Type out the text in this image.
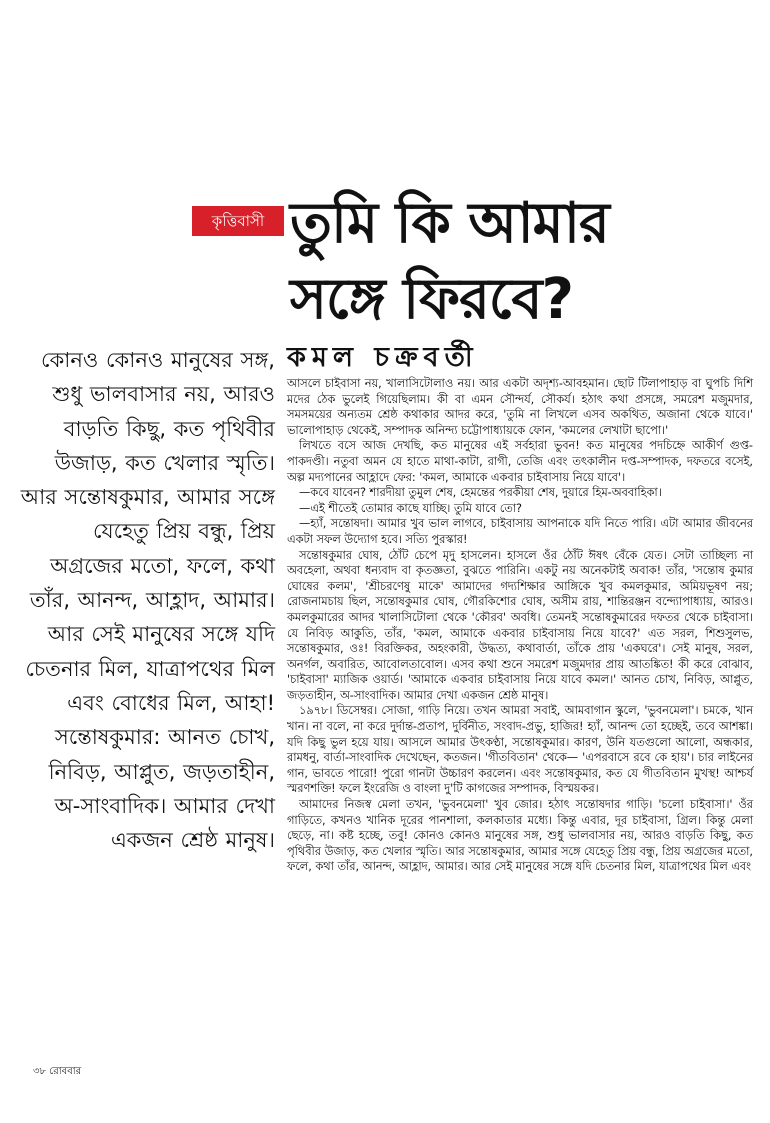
কৃত্তিবাসী তুমি কি আমার
সঙ্গে ফিরবে?
কমল চক্রবর্তী
কোনও কোনও মানুষের সঙ্গ, শুধু ভালবাসার নয়, আরও বাড়তি কিছু, কত পৃথিবীর উজাড়, কত খেলার স্মৃতি। আর সন্তোষকুমার, আমার সঙ্গে যেহেতু প্রিয় বন্ধু, প্রিয় অগ্রজের মতো, ফলে, কথা তাঁর, আনন্দ, আহ্লাদ, আমার। আর সেই মানুষের সঙ্গে যদি চেতনার মিল, যাত্রাপথের মিল এবং বোধের মিল, আহা! সন্তোষকুমার: আনত চোখ, নিবিড়, আপ্লুত, জড়তাহীন, অ-সাংবাদিক। আমার দেখা একজন শ্রেষ্ঠ মানুষ।

আসলে চাইবাসা নয়, খালাসিটোলাও নয়। আর একটা অদৃশ্য-আবহমান। ছোট টিলাপাহাড় বা ঘুপচি দিশি মদের ঠেক ভুলেই গিয়েছিলাম। কী বা এমন সৌন্দর্য, সৌকর্য। হঠাৎ কথা প্রসঙ্গে, সমরেশ মজুমদার, সমসময়ের অন্যতম শ্রেষ্ঠ কথাকার আদর করে, 'তুমি না লিখলে এসব অকথিত, অজানা থেকে যাবে।' ভালোপাহাড় থেকেই, সম্পাদক অনিন্দ্য চট্টোপাধ্যায়কে ফোন, 'কমলের লেখাটা ছাপো।'

লিখতে বসে আজ দেখছি, কত মানুষের এই সর্বহারা ভুবন! কত মানুষের পদচিহ্নে আকীর্ণ গুপ্ত-পাকদণ্ডী। নতুবা অমন যে হাতে মাথা-কাটা, রাগী, তেজি এবং তৎকালীন দপ্ত-সম্পাদক, দফতরে বসেই, অল্প মদ্যপানের আহ্লাদে ফের: 'কমল, আমাকে একবার চাইবাসায় নিয়ে যাবে'।

—কবে যাবেন? শারদীয়া তুমুল শেষ, হেমন্তের পরকীয়া শেষ, দুয়ারে হিম-অববাহিকা।

—এই শীতেই তোমার কাছে যাচ্ছি। তুমি যাবে তো?

—হ্যাঁ, সন্তোষদা। আমার খুব ভাল লাগবে, চাইবাসায় আপনাকে যদি নিতে পারি। এটা আমার জীবনের একটা সফল উদ্যোগ হবে। সত্যি পুরস্কার!

সন্তোষকুমার ঘোষ, ঠোঁট চেপে মৃদু হাসলেন। হাসলে ওঁর ঠোঁট ঈষৎ বেঁকে যেত। সেটা তাচ্ছিল্য না অবহেলা, অথবা ধন্যবাদ বা কৃতজ্ঞতা, বুঝতে পারিনি। একটু নয় অনেকটাই অবাক! তাঁর, 'সন্তোষ কুমার ঘোষের কলম', 'শ্রীচরণেষু মাকে' আমাদের গদ্যশিক্ষার আঙ্গিকে খুব কমলকুমার, অমিয়ভূষণ নয়; রোজনামচায় ছিল, সন্তোষকুমার ঘোষ, গৌরকিশোর ঘোষ, অসীম রায়, শান্তিরঞ্জন বন্দ্যোপাধ্যায়, আরও। কমলকুমারের আদর খালাসিটোলা থেকে 'কৌরব' অবধি। তেমনই সন্তোষকুমারের দফতর থেকে চাইবাসা। যে নিবিড় আকুতি, তাঁর, 'কমল, আমাকে একবার চাইবাসায় নিয়ে যাবে?' এত সরল, শিশুসুলভ, সন্তোষকুমার, ওঃ! বিরক্তিকর, অহংকারী, উদ্ধত্য, কথাবার্তা, তাঁকে প্রায় 'একঘরে'। সেই মানুষ, সরল, অনর্গল, অবারিত, আবোলতাবোল। এসব কথা শুনে সমরেশ মজুমদার প্রায় আতঙ্কিত! কী করে বোঝাব, 'চাইবাসা' ম্যাজিক ওয়ার্ড। 'আমাকে একবার চাইবাসায় নিয়ে যাবে কমল।' আনত চোখ, নিবিড়, আপ্লুত, জড়তাহীন, অ-সাংবাদিক। আমার দেখা একজন শ্রেষ্ঠ মানুষ।

১৯৭৮। ডিসেম্বর। সোজা, গাড়ি নিয়ে। তখন আমরা সবাই, আমবাগান স্কুলে, 'ভুবনমেলা'। চমকে, খান খান। না বলে, না করে দুর্দান্ত-প্রতাপ, দুর্বিনীত, সংবাদ-প্রভু, হাজির! হ্যাঁ, আনন্দ তো হচ্ছেই, তবে আশঙ্কা। যদি কিছু ভুল হয়ে যায়। আসলে আমার উৎকণ্ঠা, সন্তোষকুমার। কারণ, উনি যতগুলো আলো, অন্ধকার, রামধনু, বার্তা-সাংবাদিক দেখেছেন, কতজন। 'গীতবিতান' থেকে— 'এপরবাসে রবে কে হায়'। চার লাইনের গান, ভাবতে পারো! পুরো গানটা উচ্চারণ করলেন। এবং সন্তোষকুমার, কত যে গীতবিতান মুখস্থ! আশ্চর্য স্মরণশক্তি! ফলে ইংরেজি ও বাংলা দু'টি কাগজের সম্পাদক, বিস্ময়কর।

আমাদের নিজস্ব মেলা তখন, 'ভুবনমেলা' খুব জোর। হঠাৎ সন্তোষদার গাড়ি। 'চলো চাইবাসা।' ওঁর গাড়িতে, কখনও খানিক দূরের পানশালা, কলকাতার মধ্যে। কিন্তু এবার, দূর চাইবাসা, গ্রিল। কিন্তু মেলা ছেড়ে, না। কষ্ট হচ্ছে, তবু! কোনও কোনও মানুষের সঙ্গ, শুধু ভালবাসার নয়, আরও বাড়তি কিছু, কত পৃথিবীর উজাড়, কত খেলার স্মৃতি। আর সন্তোষকুমার, আমার সঙ্গে যেহেতু প্রিয় বন্ধু, প্রিয় অগ্রজের মতো, ফলে, কথা তাঁর, আনন্দ, আহ্লাদ, আমার। আর সেই মানুষের সঙ্গে যদি চেতনার মিল, যাত্রাপথের মিল এবং

৩৮ রোববার
